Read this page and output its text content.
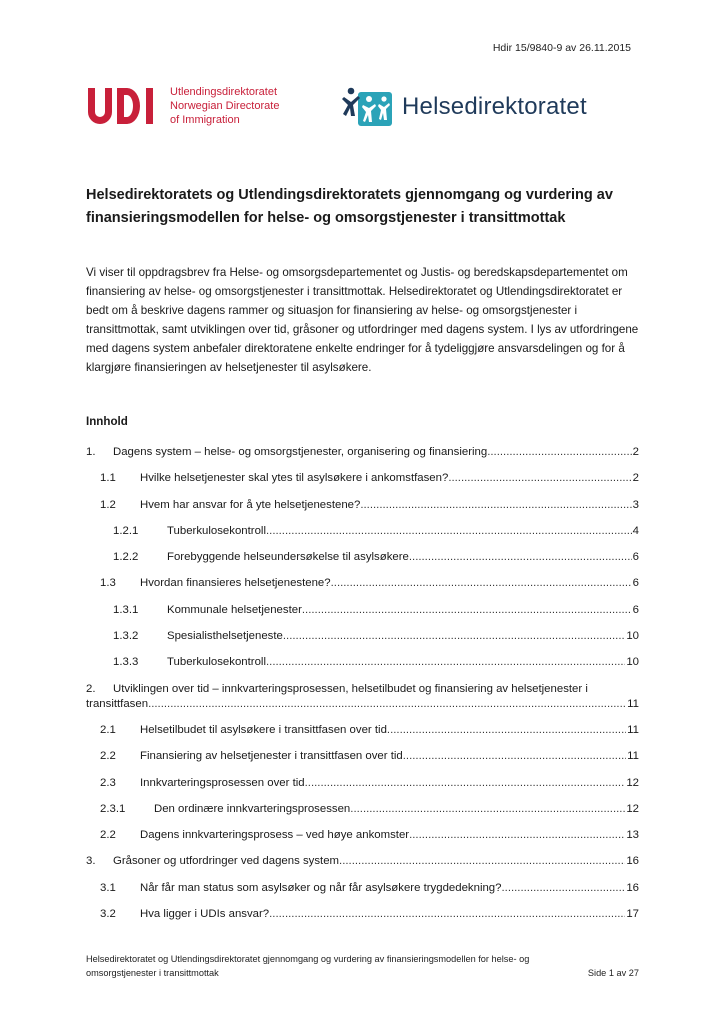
Hdir 15/9840-9 av 26.11.2015
Utlendingsdirektoratet
Norwegian Directorate
of Immigration	Helsedirektoratet
Helsedirektoratets og Utlendingsdirektoratets gjennomgang og vurdering av finansieringsmodellen for helse- og omsorgstjenester i transittmottak

Vi viser til oppdragsbrev fra Helse- og omsorgsdepartementet og Justis- og beredskapsdepartementet om finansiering av helse- og omsorgstjenester i transittmottak. Helsedirektoratet og Utlendingsdirektoratet er bedt om å beskrive dagens rammer og situasjon for finansiering av helse- og omsorgstjenester i transittmottak, samt utviklingen over tid, gråsoner og utfordringer med dagens system. I lys av utfordringene med dagens system anbefaler direktoratene enkelte endringer for å tydeliggjøre ansvarsdelingen og for å klargjøre finansieringen av helsetjenester til asylsøkere.

Innhold
1. Dagens system – helse- og omsorgstjenester, organisering og finansiering .....	2
1.1 Hvilke helsetjenester skal ytes til asylsøkere i ankomstfasen? .....	2
1.2 Hvem har ansvar for å yte helsetjenestene? .....	3
1.2.1	Tuberkulosekontroll .....	4
1.2.2	Forebyggende helseundersøkelse til asylsøkere .....	6
1.3 Hvordan finansieres helsetjenestene? .....	6
1.3.1	Kommunale helsetjenester .....	6
1.3.2	Spesialisthelsetjeneste .....	10
1.3.3	Tuberkulosekontroll .....	10
2. Utviklingen over tid – innkvarteringsprosessen, helsetilbudet og finansiering av helsetjenester i
transittfasen .....	11
2.1 Helsetilbudet til asylsøkere i transittfasen over tid .....	11
2.2 Finansiering av helsetjenester i transittfasen over tid .....	11
2.3 Innkvarteringsprosessen over tid .....	12
2.3.1	Den ordinære innkvarteringsprosessen .....	12
2.2 Dagens innkvarteringsprosess – ved høye ankomster .....	13
3. Gråsoner og utfordringer ved dagens system .....	16
3.1 Når får man status som asylsøker og når får asylsøkere trygdedekning? .....	16
3.2 Hva ligger i UDIs ansvar? .....	17
Helsedirektoratet og Utlendingsdirektoratet gjennomgang og vurdering av finansieringsmodellen for helse- og
omsorgstjenester i transittmottak	Side 1 av 27
